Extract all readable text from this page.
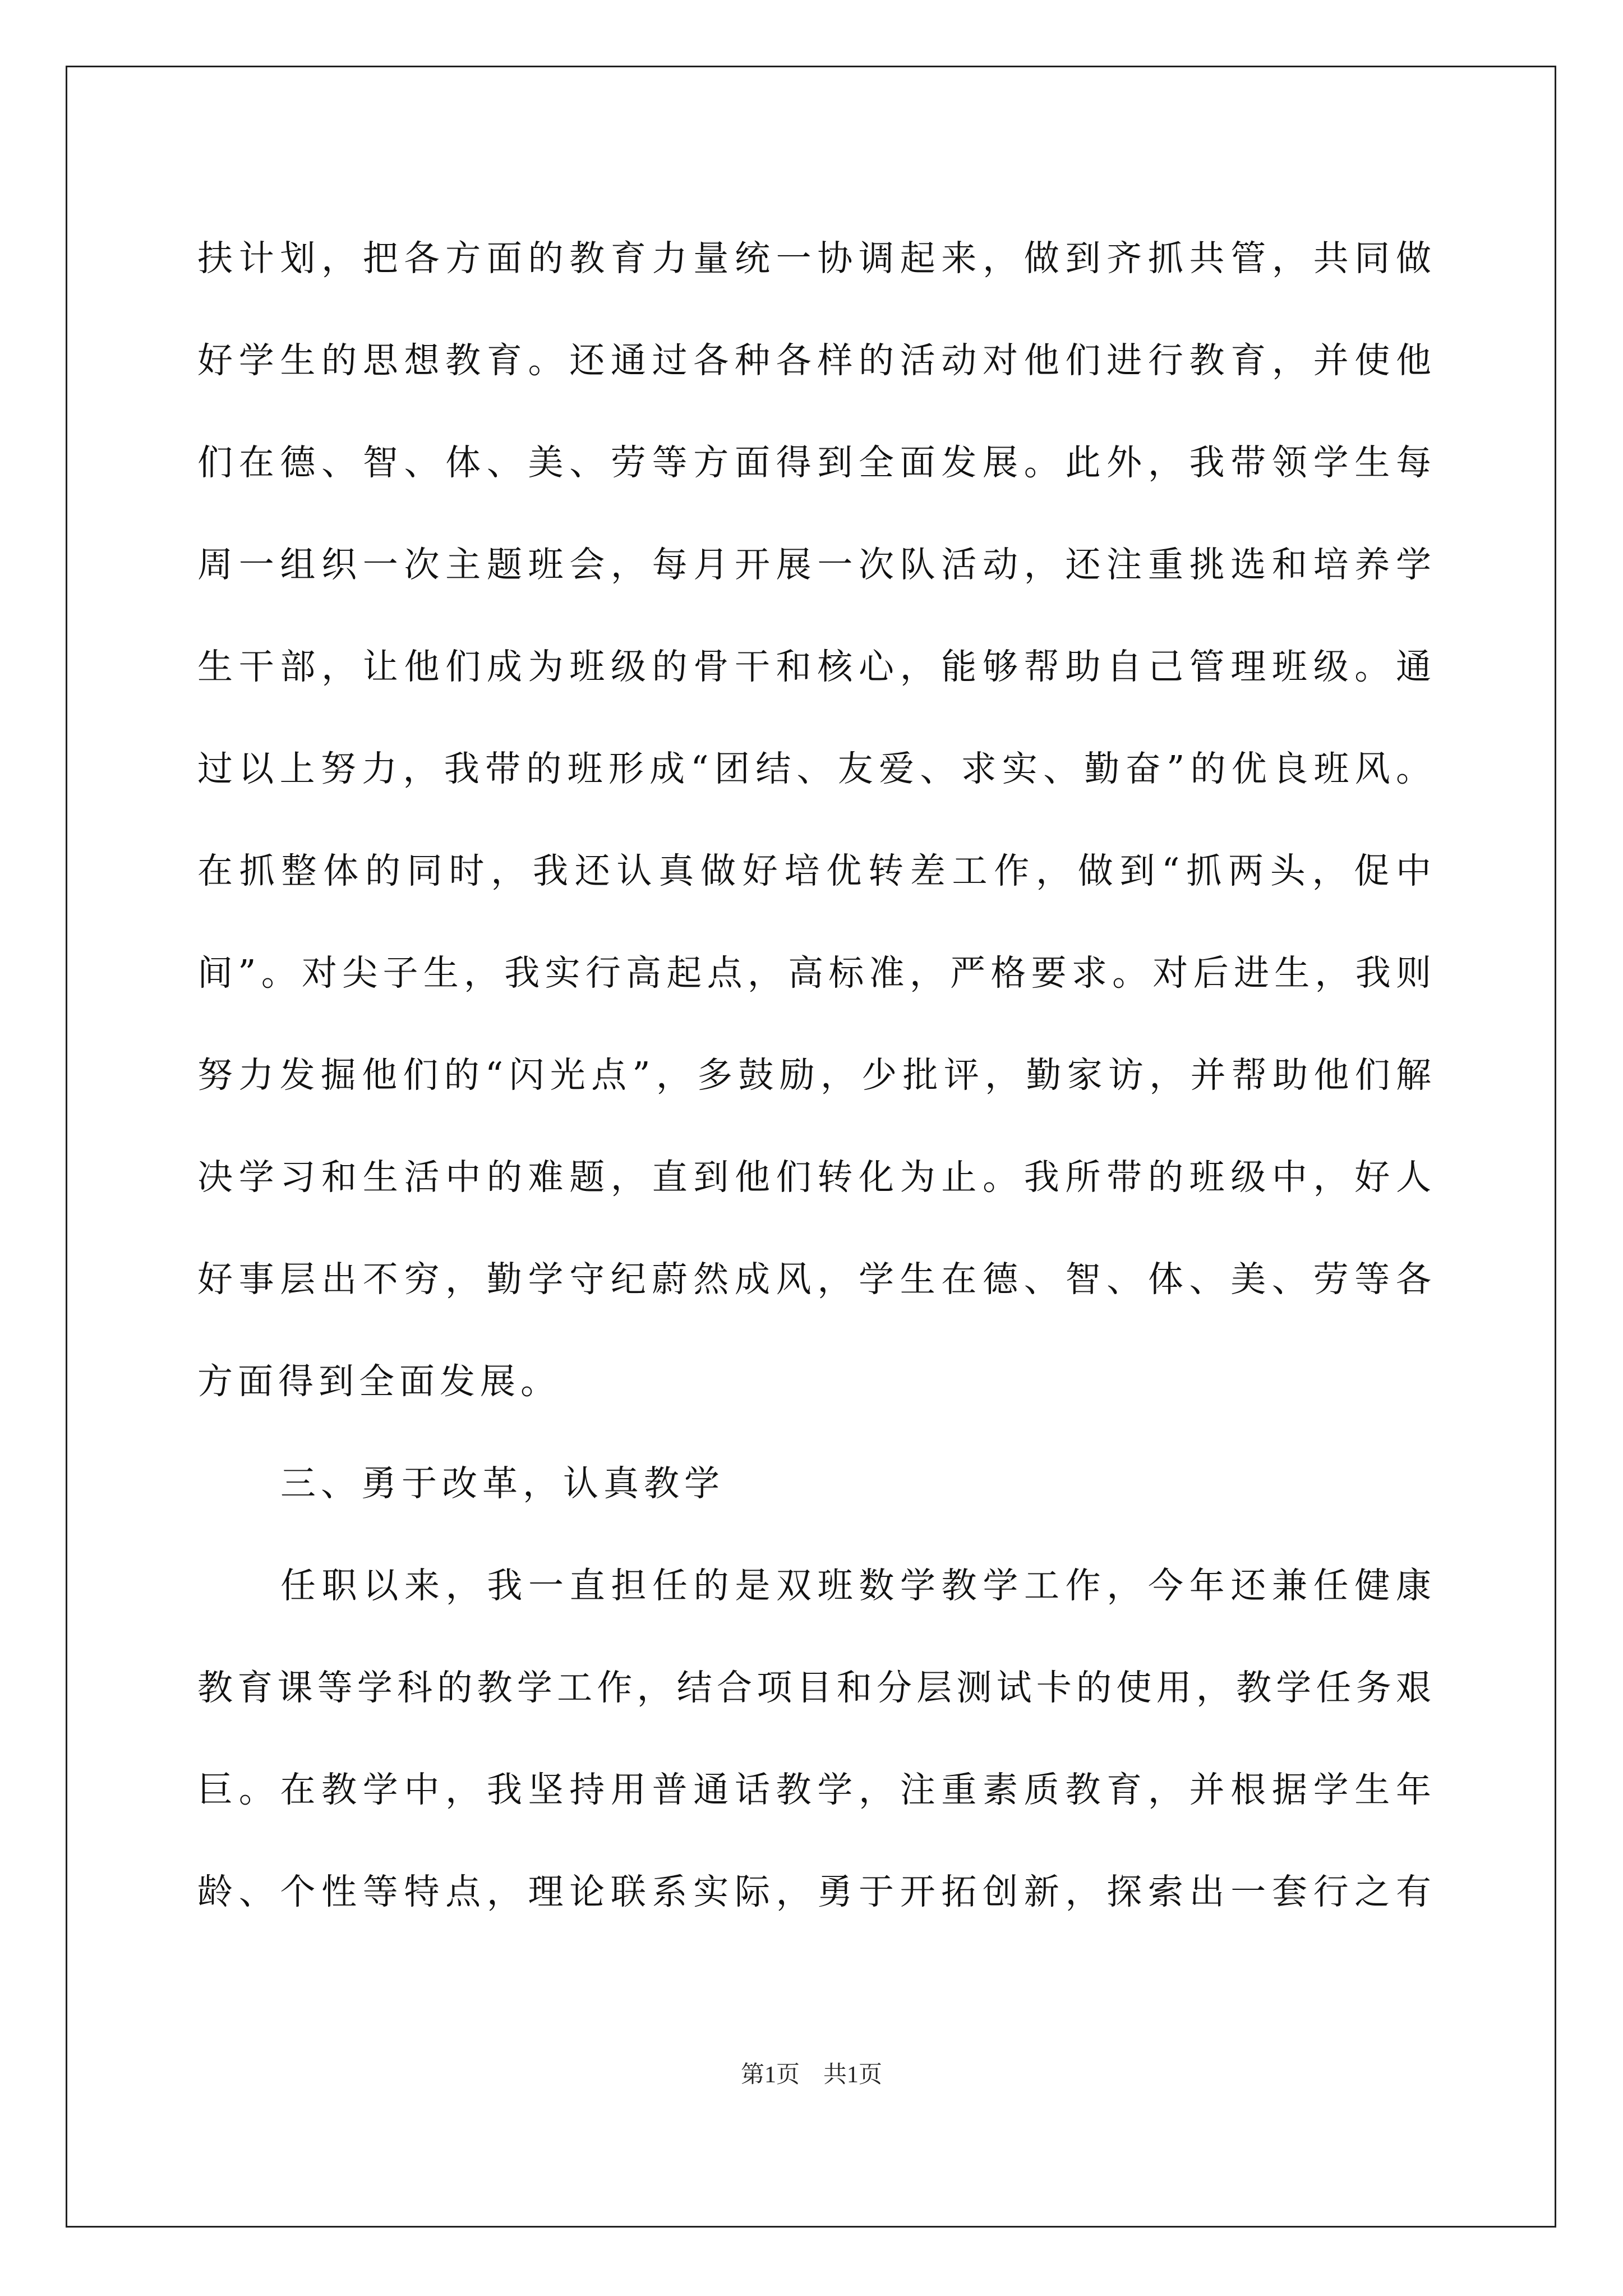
扶计划，把各方面的教育力量统一协调起来，做到齐抓共管，共同做
好学生的思想教育。还通过各种各样的活动对他们进行教育，并使他
们在德、智、体、美、劳等方面得到全面发展。此外，我带领学生每
周一组织一次主题班会，每月开展一次队活动，还注重挑选和培养学
生干部，让他们成为班级的骨干和核心，能够帮助自己管理班级。通
过以上努力，我带的班形成“团结、友爱、求实、勤奋”的优良班风。
在抓整体的同时，我还认真做好培优转差工作，做到“抓两头，促中
间”。对尖子生，我实行高起点，高标准，严格要求。对后进生，我则
努力发掘他们的“闪光点”，多鼓励，少批评，勤家访，并帮助他们解
决学习和生活中的难题，直到他们转化为止。我所带的班级中，好人
好事层出不穷，勤学守纪蔚然成风，学生在德、智、体、美、劳等各
方面得到全面发展。
三、勇于改革，认真教学
任职以来，我一直担任的是双班数学教学工作，今年还兼任健康
教育课等学科的教学工作，结合项目和分层测试卡的使用，教学任务艰
巨。在教学中，我坚持用普通话教学，注重素质教育，并根据学生年
龄、个性等特点，理论联系实际，勇于开拓创新，探索出一套行之有
第1页　共1页
